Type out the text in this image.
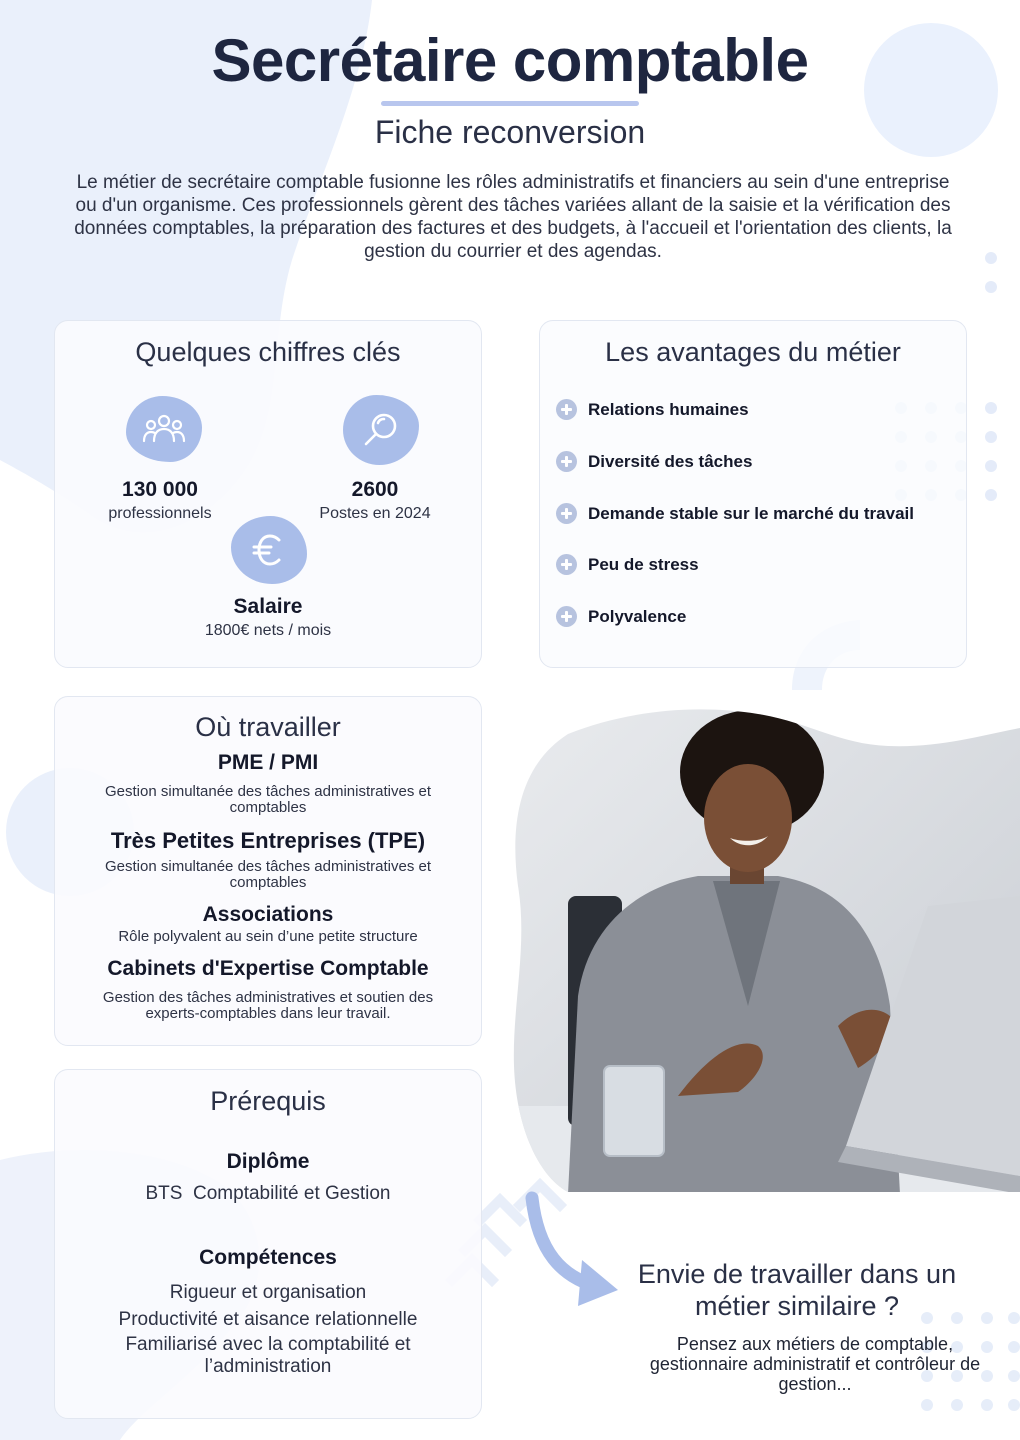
Secrétaire comptable
Fiche reconversion
Le métier de secrétaire comptable fusionne les rôles administratifs et financiers au sein d'une entreprise ou d'un organisme. Ces professionnels gèrent des tâches variées allant de la saisie et la vérification des données comptables, la préparation des factures et des budgets, à l'accueil et l'orientation des clients, la gestion du courrier et des agendas.
Quelques chiffres clés
130 000
professionnels
2600
Postes en 2024
Salaire
1800€ nets / mois
Les avantages du métier
Relations humaines
Diversité des tâches
Demande stable sur le marché du travail
Peu de stress
Polyvalence
Où travailler
PME / PMI
Gestion simultanée des tâches administratives et comptables
Très Petites Entreprises (TPE)
Gestion simultanée des tâches administratives et comptables
Associations
Rôle polyvalent au sein d’une petite structure
Cabinets d'Expertise Comptable
Gestion des tâches administratives et soutien des experts-comptables dans leur travail.
Prérequis
Diplôme
BTS  Comptabilité et Gestion
Compétences
Rigueur et organisation
Productivité et aisance relationnelle
Familiarisé avec la comptabilité et l’administration
Envie de travailler dans un métier similaire ?
Pensez aux métiers de comptable, gestionnaire administratif et contrôleur de gestion...
